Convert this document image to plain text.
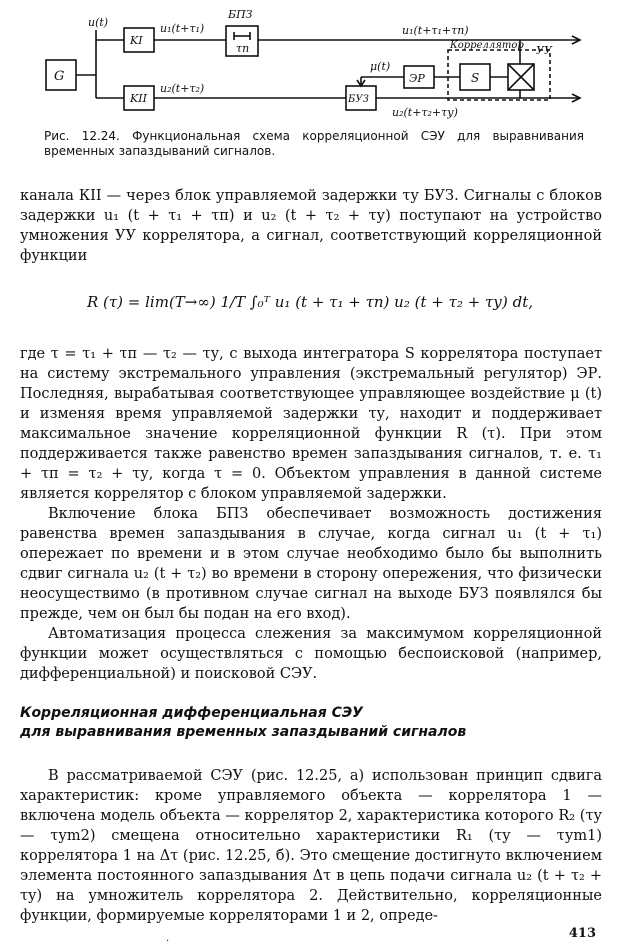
G
u(t)
KI
u₁(t+τ₁)
БПЗ
τп
u₁(t+τ₁+τп)
Корреллятор УУ
μ(t)
ЭР	S
KII
u₂(t+τ₂)
БУЗ
u₂(t+τ₂+τу)
Рис. 12.24. Функциональная схема корреляционной СЭУ для выравнивания временных запаздываний сигналов.

канала КII — через блок управляемой задержки τу БУЗ. Сигналы с блоков задержки u₁ (t + τ₁ + τп) и u₂ (t + τ₂ + τу) поступают на устройство умножения УУ коррелятора, а сигнал, соответствующий корреляционной функции

R (τ) = lim(T→∞) 1/T ∫₀ᵀ u₁ (t + τ₁ + τп) u₂ (t + τ₂ + τу) dt,

где τ = τ₁ + τп — τ₂ — τу, с выхода интегратора S коррелятора поступает на систему экстремального управления (экстремальный регулятор) ЭР. Последняя, вырабатывая соответствующее управляющее воздействие μ (t) и изменяя время управляемой задержки τу, находит и поддерживает максимальное значение корреляционной функции R (τ). При этом поддерживается также равенство времен запаздывания сигналов, т. е. τ₁ + τп = τ₂ + τу, когда τ = 0. Объектом управления в данной системе является коррелятор с блоком управляемой задержки.

Включение блока БПЗ обеспечивает возможность достижения равенства времен запаздывания в случае, когда сигнал u₁ (t + τ₁) опережает по времени и в этом случае необходимо было бы выполнить сдвиг сигнала u₂ (t + τ₂) во времени в сторону опережения, что физически неосуществимо (в противном случае сигнал на выходе БУЗ появлялся бы прежде, чем он был бы подан на его вход).

Автоматизация процесса слежения за максимумом корреляционной функции может осуществляться с помощью беспоисковой (например, дифференциальной) и поисковой СЭУ.

Корреляционная дифференциальная СЭУ
для выравнивания временных запаздываний сигналов

В рассматриваемой СЭУ (рис. 12.25, а) использован принцип сдвига характеристик: кроме управляемого объекта — коррелятора 1 — включена модель объекта — коррелятор 2, характеристика которого R₂ (τу — τуm2) смещена относительно характеристики R₁ (τу — τуm1) коррелятора 1 на Δτ (рис. 12.25, б). Это смещение достигнуто включением элемента постоянного запаздывания Δτ в цепь подачи сигнала u₂ (t + τ₂ + τу) на умножитель коррелятора 2. Действительно, корреляционные функции, формируемые корреляторами 1 и 2, опреде-

·
413
